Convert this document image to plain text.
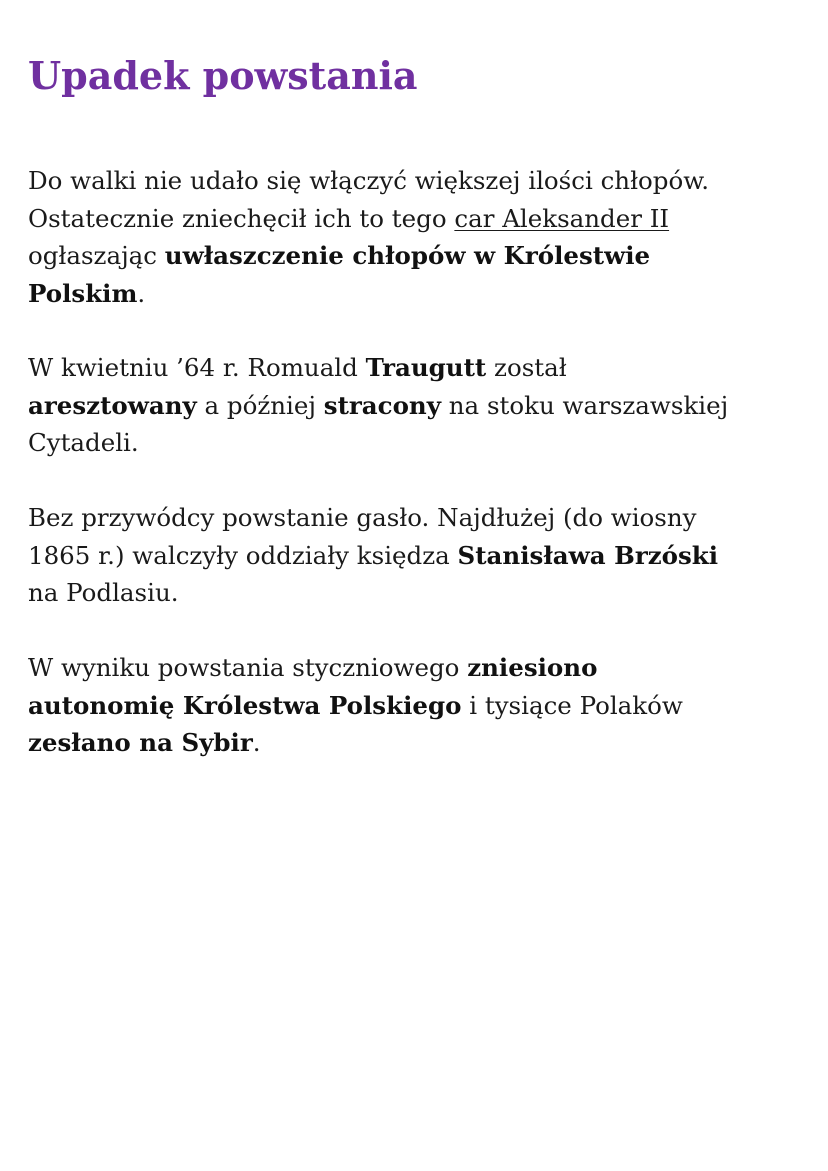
Upadek powstania

Do walki nie udało się włączyć większej ilości chłopów.
Ostatecznie zniechęcił ich to tego car Aleksander II
ogłaszając uwłaszczenie chłopów w Królestwie
Polskim.

W kwietniu ’64 r. Romuald Traugutt został
aresztowany a później stracony na stoku warszawskiej
Cytadeli.

Bez przywódcy powstanie gasło. Najdłużej (do wiosny
1865 r.) walczyły oddziały księdza Stanisława Brzóski
na Podlasiu.

W wyniku powstania styczniowego zniesiono
autonomię Królestwa Polskiego i tysiące Polaków
zesłano na Sybir.
